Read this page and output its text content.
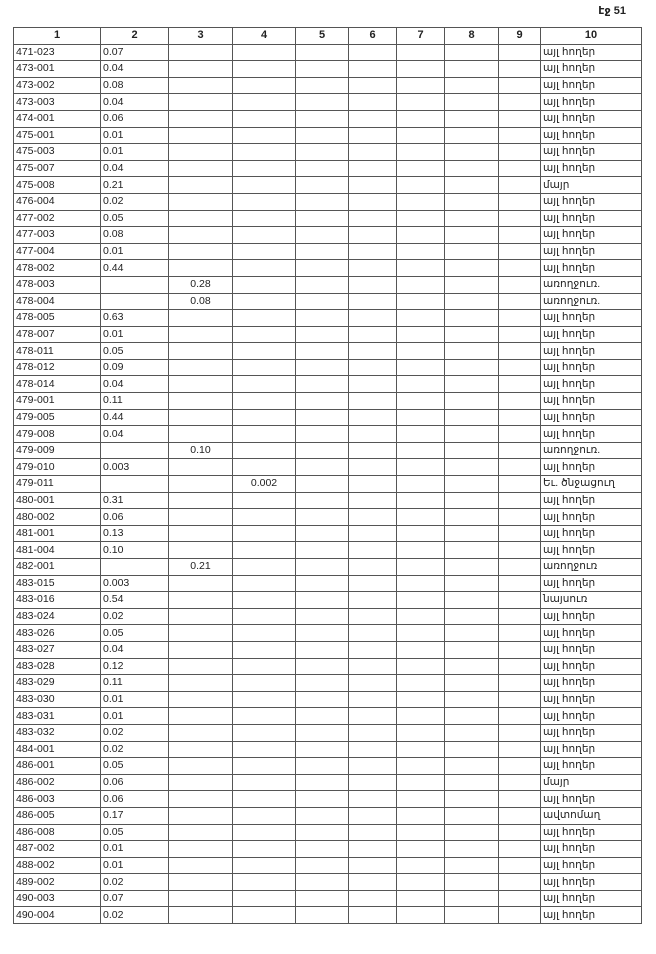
էջ 51
1	2	3	4	5	6	7	8	9	10
471-023	0.07								այլ հողեր
473-001	0.04								այլ հողեր
473-002	0.08								այլ հողեր
473-003	0.04								այլ հողեր
474-001	0.06								այլ հողեր
475-001	0.01								այլ հողեր
475-003	0.01								այլ հողեր
475-007	0.04								այլ հողեր
475-008	0.21								մայր
476-004	0.02								այլ հողեր
477-002	0.05								այլ հողեր
477-003	0.08								այլ հողեր
477-004	0.01								այլ հողեր
478-002	0.44								այլ հողեր
478-003		0.28							առողջուռ.
478-004		0.08							առողջուռ.
478-005	0.63								այլ հողեր
478-007	0.01								այլ հողեր
478-011	0.05								այլ հողեր
478-012	0.09								այլ հողեր
478-014	0.04								այլ հողեր
479-001	0.11								այլ հողեր
479-005	0.44								այլ հողեր
479-008	0.04								այլ հողեր
479-009		0.10							առողջուռ.
479-010	0.003								այլ հողեր
479-011			0.002						Եւ. ծնջացուղ
480-001	0.31								այլ հողեր
480-002	0.06								այլ հողեր
481-001	0.13								այլ հողեր
481-004	0.10								այլ հողեր
482-001		0.21							առողջուռ
483-015	0.003								այլ հողեր
483-016	0.54								նայսուռ
483-024	0.02								այլ հողեր
483-026	0.05								այլ հողեր
483-027	0.04								այլ հողեր
483-028	0.12								այլ հողեր
483-029	0.11								այլ հողեր
483-030	0.01								այլ հողեր
483-031	0.01								այլ հողեր
483-032	0.02								այլ հողեր
484-001	0.02								այլ հողեր
486-001	0.05								այլ հողեր
486-002	0.06								մայր
486-003	0.06								այլ հողեր
486-005	0.17								ավտոմաղ
486-008	0.05								այլ հողեր
487-002	0.01								այլ հողեր
488-002	0.01								այլ հողեր
489-002	0.02								այլ հողեր
490-003	0.07								այլ հողեր
490-004	0.02								այլ հողեր
